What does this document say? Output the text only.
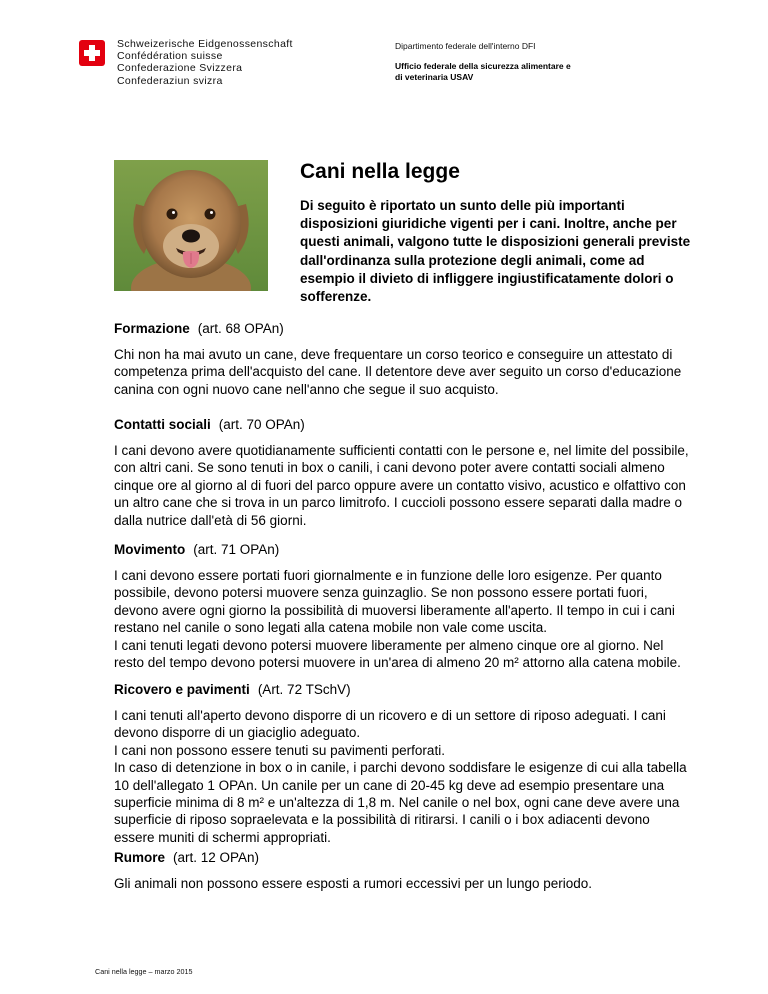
Schweizerische Eidgenossenschaft
Confédération suisse
Confederazione Svizzera
Confederaziun svizra
Dipartimento federale dell'interno DFI
Ufficio federale della sicurezza alimentare e
di veterinaria USAV
Cani nella legge

Di seguito è riportato un sunto delle più importanti disposizioni giuridiche vigenti per i cani. Inoltre, anche per questi animali, valgono tutte le disposizioni generali previste dall'ordinanza sulla protezione degli animali, come ad esempio il divieto di infliggere ingiustificatamente dolori o sofferenze.

Formazione (art. 68 OPAn)

Chi non ha mai avuto un cane, deve frequentare un corso teorico e conseguire un attestato di competenza prima dell'acquisto del cane. Il detentore deve aver seguito un corso d'educazione canina con ogni nuovo cane nell'anno che segue il suo acquisto.

Contatti sociali (art. 70 OPAn)

I cani devono avere quotidianamente sufficienti contatti con le persone e, nel limite del possibile, con altri cani. Se sono tenuti in box o canili, i cani devono poter avere contatti sociali almeno cinque ore al giorno al di fuori del parco oppure avere un contatto visivo, acustico e olfattivo con un altro cane che si trova in un parco limitrofo. I cuccioli possono essere separati dalla madre o dalla nutrice dall'età di 56 giorni.

Movimento (art. 71 OPAn)

I cani devono essere portati fuori giornalmente e in funzione delle loro esigenze. Per quanto possibile, devono potersi muovere senza guinzaglio. Se non possono essere portati fuori, devono avere ogni giorno la possibilità di muoversi liberamente all'aperto. Il tempo in cui i cani restano nel canile o sono legati alla catena mobile non vale come uscita.
I cani tenuti legati devono potersi muovere liberamente per almeno cinque ore al giorno. Nel resto del tempo devono potersi muovere in un'area di almeno 20 m² attorno alla catena mobile.

Ricovero e pavimenti (Art. 72 TSchV)

I cani tenuti all'aperto devono disporre di un ricovero e di un settore di riposo adeguati. I cani devono disporre di un giaciglio adeguato.
I cani non possono essere tenuti su pavimenti perforati.
In caso di detenzione in box o in canile, i parchi devono soddisfare le esigenze di cui alla tabella 10 dell'allegato 1 OPAn. Un canile per un cane di 20-45 kg deve ad esempio presentare una superficie minima di 8 m² e un'altezza di 1,8 m. Nel canile o nel box, ogni cane deve avere una superficie di riposo sopraelevata e la possibilità di ritirarsi. I canili o i box adiacenti devono essere muniti di schermi appropriati.

Rumore (art. 12 OPAn)

Gli animali non possono essere esposti a rumori eccessivi per un lungo periodo.

Cani nella legge – marzo 2015
